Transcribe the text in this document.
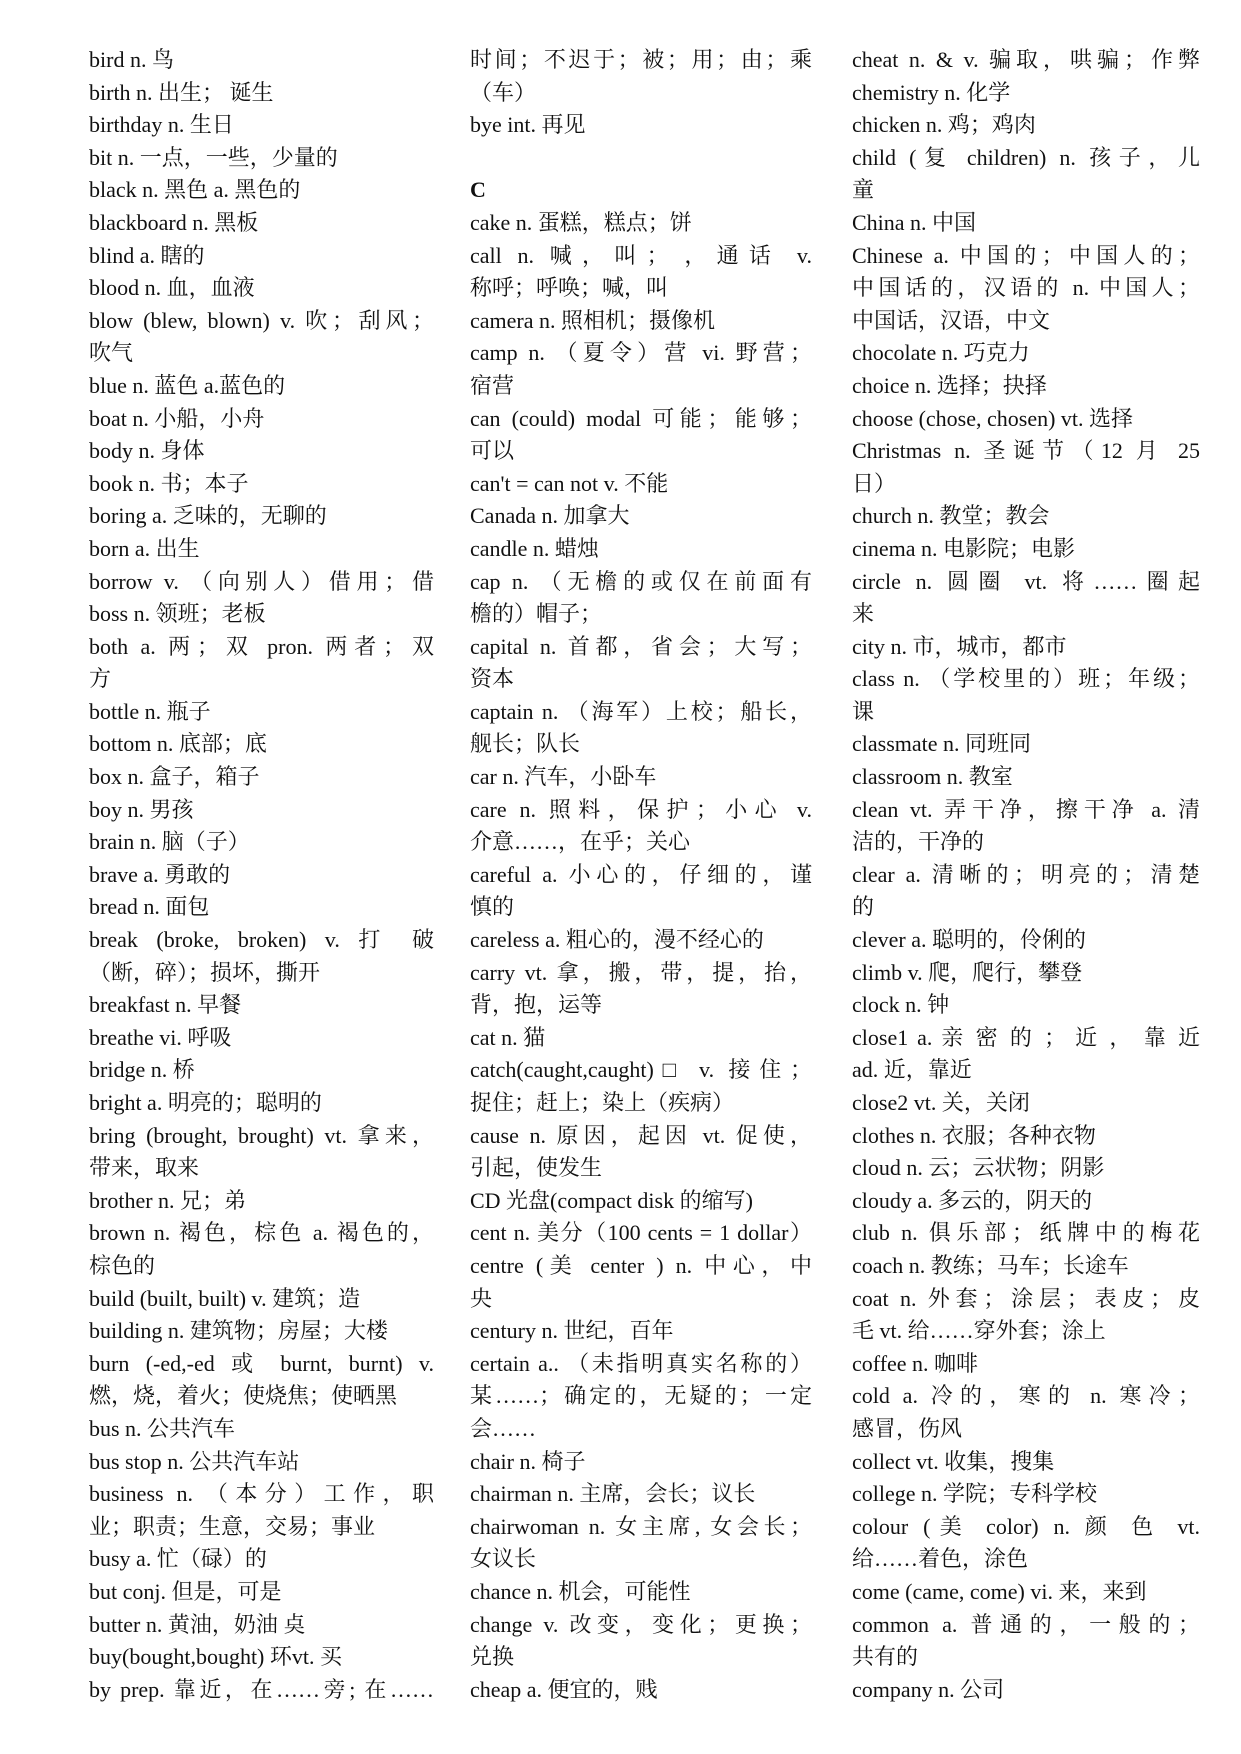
bird n. 鸟
birth n. 出生； 诞生
birthday n. 生日
bit n. 一点，一些，少量的
black n. 黑色 a. 黑色的
blackboard n. 黑板
blind a. 瞎的
blood n. 血，血液
blow (blew, blown) v. 吹；刮风；
吹气
blue n. 蓝色 a.蓝色的
boat n. 小船，小舟
body n. 身体
book n. 书；本子
boring a. 乏味的，无聊的
born a. 出生
borrow v. （向别人）借用；借
boss n. 领班；老板
both a. 两；双 pron. 两者；双
方
bottle n. 瓶子
bottom n. 底部；底
box n. 盒子，箱子
boy n. 男孩
brain n. 脑（子）
brave a. 勇敢的
bread n. 面包
break (broke, broken) v. 打 破
（断，碎）；损坏，撕开
breakfast n. 早餐
breathe vi. 呼吸
bridge n. 桥
bright a. 明亮的；聪明的
bring (brought, brought) vt. 拿来，
带来，取来
brother n. 兄；弟
brown n. 褐色，棕色 a. 褐色的，
棕色的
build (built, built) v. 建筑；造
building n. 建筑物；房屋；大楼
burn (-ed,-ed 或 burnt, burnt) v.
燃，烧，着火；使烧焦；使晒黑
bus n. 公共汽车
bus stop n. 公共汽车站
business n. （本分）工作，职
业；职责；生意，交易；事业
busy a. 忙（碌）的
but conj. 但是，可是
butter n. 黄油，奶油 奌
buy(bought,bought) 环vt. 买
by prep. 靠近，在……旁; 在……
时间；不迟于；被；用；由；乘
（车）
bye int. 再见
C
cake n. 蛋糕，糕点；饼
call n. 喊，叫； ，通话 v.
称呼；呼唤；喊，叫
camera n. 照相机；摄像机
camp n. （夏令）营 vi. 野营；
宿营
can (could) modal 可能；能够；
可以
can't = can not v. 不能
Canada n. 加拿大
candle n. 蜡烛
cap n. （无檐的或仅在前面有
檐的）帽子；
capital n. 首都，省会；大写；
资本
captain n. （海军）上校；船长，
舰长；队长
car n. 汽车，小卧车
care n. 照料，保护；小心 v.
介意……，在乎；关心
careful a. 小心的，仔细的，谨
慎的
careless a. 粗心的，漫不经心的
carry vt. 拿，搬，带，提，抬，
背，抱，运等
cat n. 猫
catch(caught,caught)□ v. 接住；
捉住；赶上；染上（疾病）
cause n. 原因，起因 vt. 促使，
引起，使发生
CD 光盘(compact disk 的缩写)
cent n. 美分（100 cents = 1 dollar）
centre (美 center ) n. 中心，中
央
century n. 世纪，百年
certain a.. （未指明真实名称的）
某……；确定的，无疑的；一定
会……
chair n. 椅子
chairman n. 主席，会长；议长
chairwoman n. 女主席, 女会长；
女议长
chance n. 机会，可能性
change v. 改变，变化；更换；
兑换
cheap a. 便宜的，贱
cheat n. & v. 骗取，哄骗；作弊
chemistry n. 化学
chicken n. 鸡；鸡肉
child (复 children) n. 孩子，儿
童
China n. 中国
Chinese a. 中国的；中国人的；
中国话的，汉语的 n. 中国人；
中国话，汉语，中文
chocolate n. 巧克力
choice n. 选择；抉择
choose (chose, chosen) vt. 选择
Christmas n. 圣诞节（12 月 25
日）
church n. 教堂；教会
cinema n. 电影院；电影
circle n. 圆圈 vt. 将……圈起
来
city n. 市，城市，都市
class n. （学校里的）班；年级；
课
classmate n. 同班同
classroom n. 教室
clean vt. 弄干净，擦干净 a. 清
洁的，干净的
clear a. 清晰的；明亮的；清楚
的
clever a. 聪明的，伶俐的
climb v. 爬，爬行，攀登
clock n. 钟
close1 a. 亲 密 的 ； 近 ， 靠 近
ad. 近，靠近
close2 vt. 关，关闭
clothes n. 衣服；各种衣物
cloud n. 云；云状物；阴影
cloudy a. 多云的，阴天的
club n. 俱乐部；纸牌中的梅花
coach n. 教练；马车；长途车
coat n. 外套；涂层；表皮；皮
毛 vt. 给……穿外套；涂上
coffee n. 咖啡
cold a. 冷的，寒的 n. 寒冷；
感冒，伤风
collect vt. 收集，搜集
college n. 学院；专科学校
colour (美 color) n. 颜 色 vt.
给……着色，涂色
come (came, come) vi. 来，来到
common a. 普通的，一般的；
共有的
company n. 公司
